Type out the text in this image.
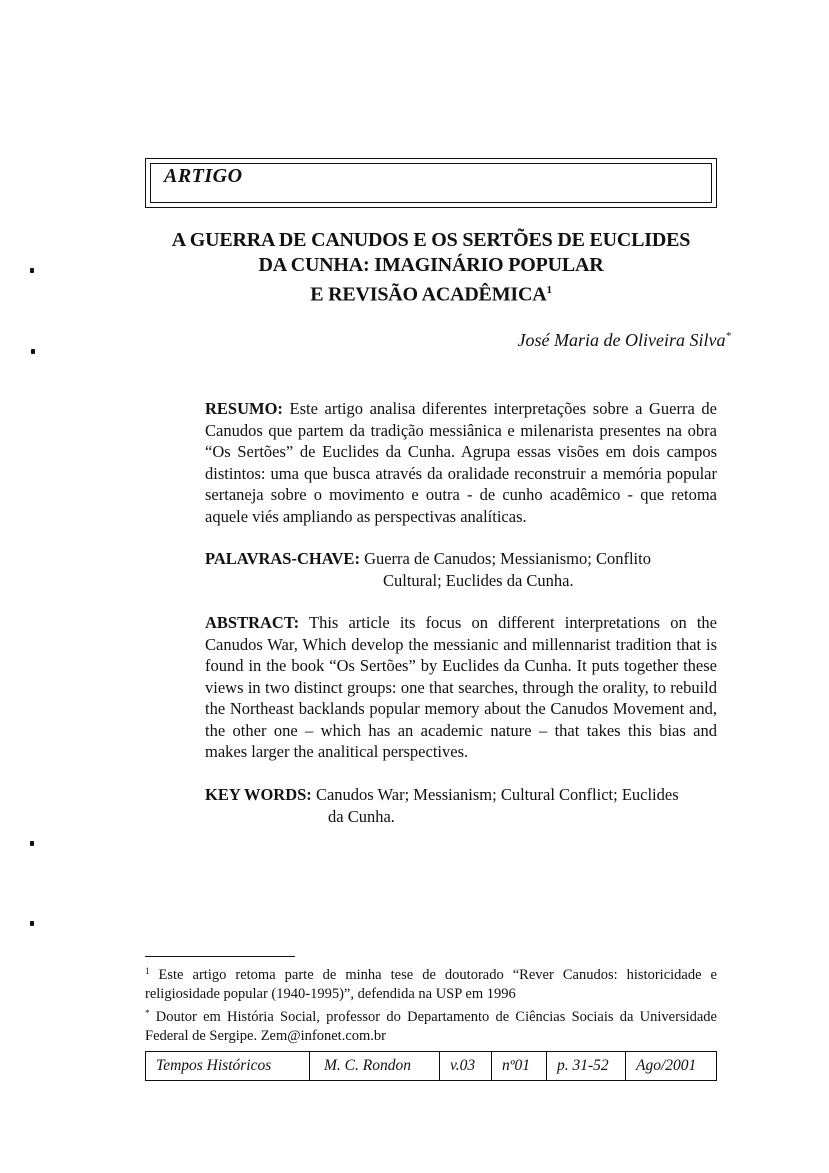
ARTIGO
A GUERRA DE CANUDOS E OS SERTÕES DE EUCLIDES
DA CUNHA: IMAGINÁRIO POPULAR
E REVISÃO ACADÊMICA$^1$
José Maria de Oliveira Silva*
RESUMO: Este artigo analisa diferentes interpretações sobre a Guerra de Canudos que partem da tradição messiânica e milenarista presentes na obra “Os Sertões” de Euclides da Cunha. Agrupa essas visões em dois campos distintos: uma que busca através da oralidade reconstruir a memória popular sertaneja sobre o movimento e outra - de cunho acadêmico - que retoma aquele viés ampliando as perspectivas analíticas.
PALAVRAS-CHAVE: Guerra de Canudos; Messianismo; Conflito
Cultural; Euclides da Cunha.
ABSTRACT: This article its focus on different interpretations on the Canudos War, Which develop the messianic and millennarist tradition that is found in the book “Os Sertões” by Euclides da Cunha. It puts together these views in two distinct groups: one that searches, through the orality, to rebuild the Northeast backlands popular memory about the Canudos Movement and, the other one – which has an academic nature – that takes this bias and makes larger the analitical perspectives.
KEY WORDS: Canudos War; Messianism; Cultural Conflict; Euclides
da Cunha.

$^1$ Este artigo retoma parte de minha tese de doutorado “Rever Canudos: historicidade e religiosidade popular (1940-1995)”, defendida na USP em 1996

* Doutor em História Social, professor do Departamento de Ciências Sociais da Universidade Federal de Sergipe. Zem@infonet.com.br

Tempos Históricos	M. C. Rondon	v.03	nº01	p. 31-52	Ago/2001
